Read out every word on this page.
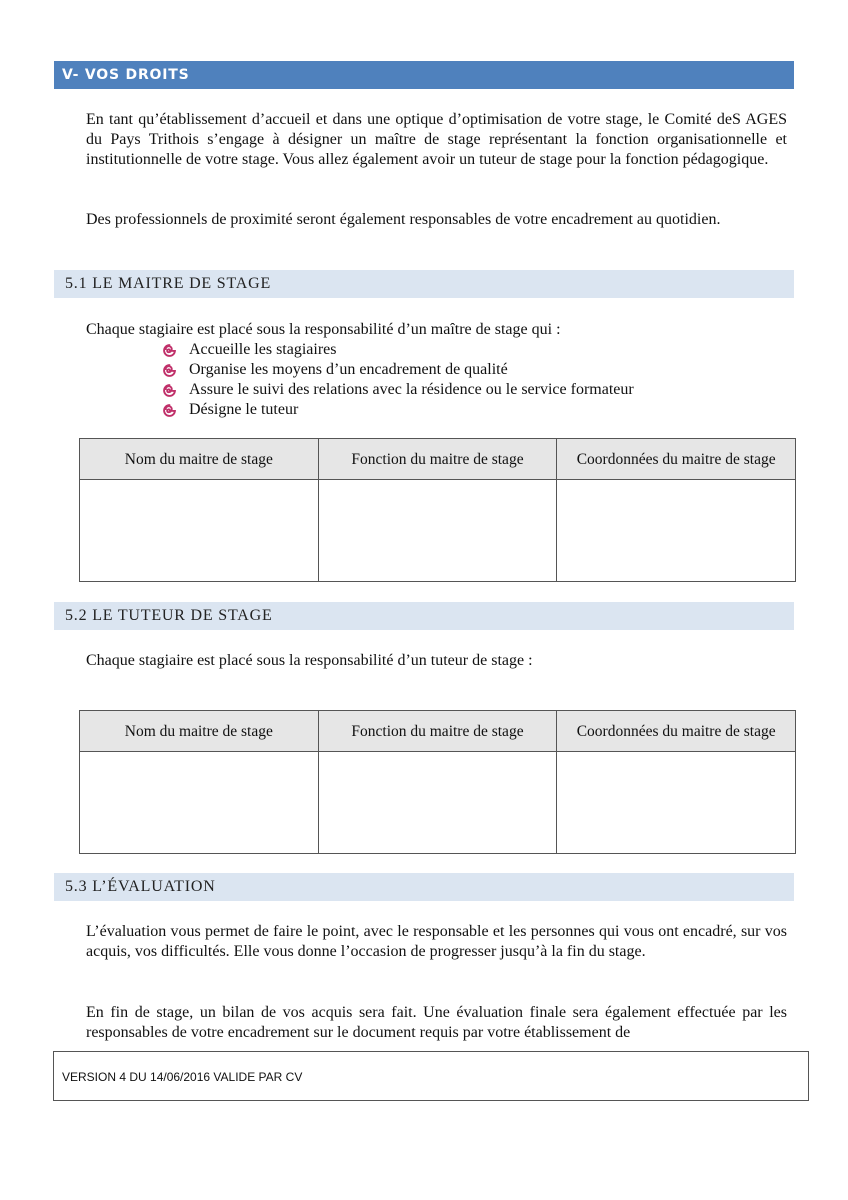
V- VOS DROITS

En tant qu’établissement d’accueil et dans une optique d’optimisation de votre stage, le Comité deS AGES du Pays Trithois s’engage à désigner un maître de stage représentant la fonction organisationnelle et institutionnelle de votre stage. Vous allez également avoir un tuteur de stage pour la fonction pédagogique.

Des professionnels de proximité seront également responsables de votre encadrement au quotidien.

5.1 LE MAITRE DE STAGE
Chaque stagiaire est placé sous la responsabilité d’un maître de stage qui :
Accueille les stagiaires
Organise les moyens d’un encadrement de qualité
Assure le suivi des relations avec la résidence ou le service formateur
Désigne le tuteur
Nom du maitre de stage	Fonction du maitre de stage	Coordonnées du maitre de stage

5.2 LE TUTEUR DE STAGE
Chaque stagiaire est placé sous la responsabilité d’un tuteur de stage :
Nom du maitre de stage	Fonction du maitre de stage	Coordonnées du maitre de stage

5.3 L’ÉVALUATION

L’évaluation vous permet de faire le point, avec le responsable et les personnes qui vous ont encadré, sur vos acquis, vos difficultés. Elle vous donne l’occasion de progresser jusqu’à la fin du stage.

En fin de stage, un bilan de vos acquis sera fait. Une évaluation finale sera également effectuée par les responsables de votre encadrement sur le document requis par votre établissement de

VERSION 4 DU 14/06/2016 VALIDE PAR CV
